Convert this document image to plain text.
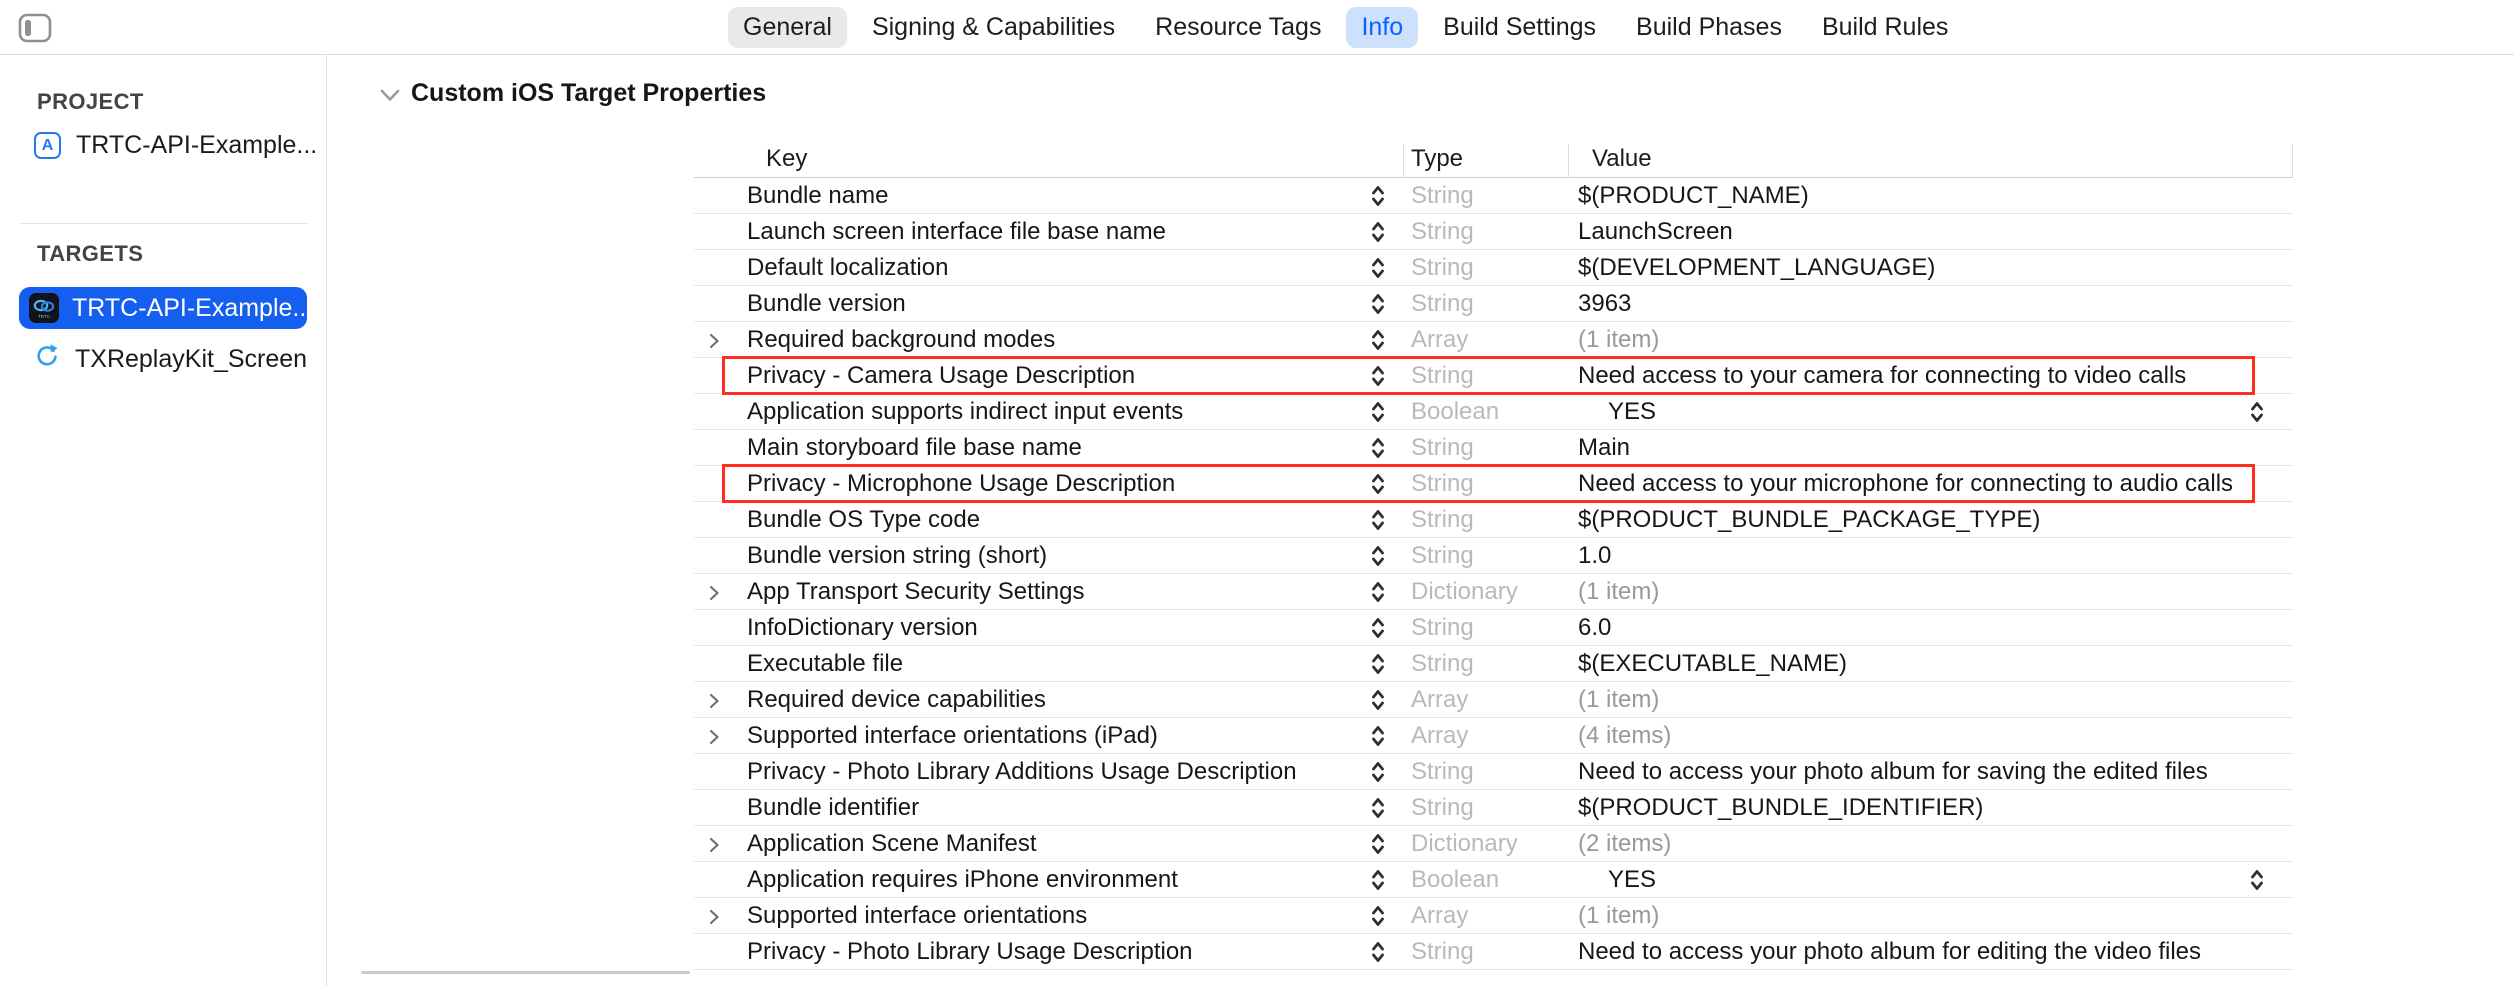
General	Signing & Capabilities	Resource Tags	Info	Build Settings	Build Phases	Build Rules
PROJECT
A TRTC-API-Example...
TARGETS
TRTC TRTC-API-Example...
TXReplayKit_Screen
Custom iOS Target Properties
Key	Type	Value
Bundle name	String	$(PRODUCT_NAME)
Launch screen interface file base name	String	LaunchScreen
Default localization	String	$(DEVELOPMENT_LANGUAGE)
Bundle version	String	3963
Required background modes	Array	(1 item)
Privacy - Camera Usage Description	String	Need access to your camera for connecting to video calls
Application supports indirect input events	Boolean	YES
Main storyboard file base name	String	Main
Privacy - Microphone Usage Description	String	Need access to your microphone for connecting to audio calls
Bundle OS Type code	String	$(PRODUCT_BUNDLE_PACKAGE_TYPE)
Bundle version string (short)	String	1.0
App Transport Security Settings	Dictionary	(1 item)
InfoDictionary version	String	6.0
Executable file	String	$(EXECUTABLE_NAME)
Required device capabilities	Array	(1 item)
Supported interface orientations (iPad)	Array	(4 items)
Privacy - Photo Library Additions Usage Description	String	Need to access your photo album for saving the edited files
Bundle identifier	String	$(PRODUCT_BUNDLE_IDENTIFIER)
Application Scene Manifest	Dictionary	(2 items)
Application requires iPhone environment	Boolean	YES
Supported interface orientations	Array	(1 item)
Privacy - Photo Library Usage Description	String	Need to access your photo album for editing the video files
